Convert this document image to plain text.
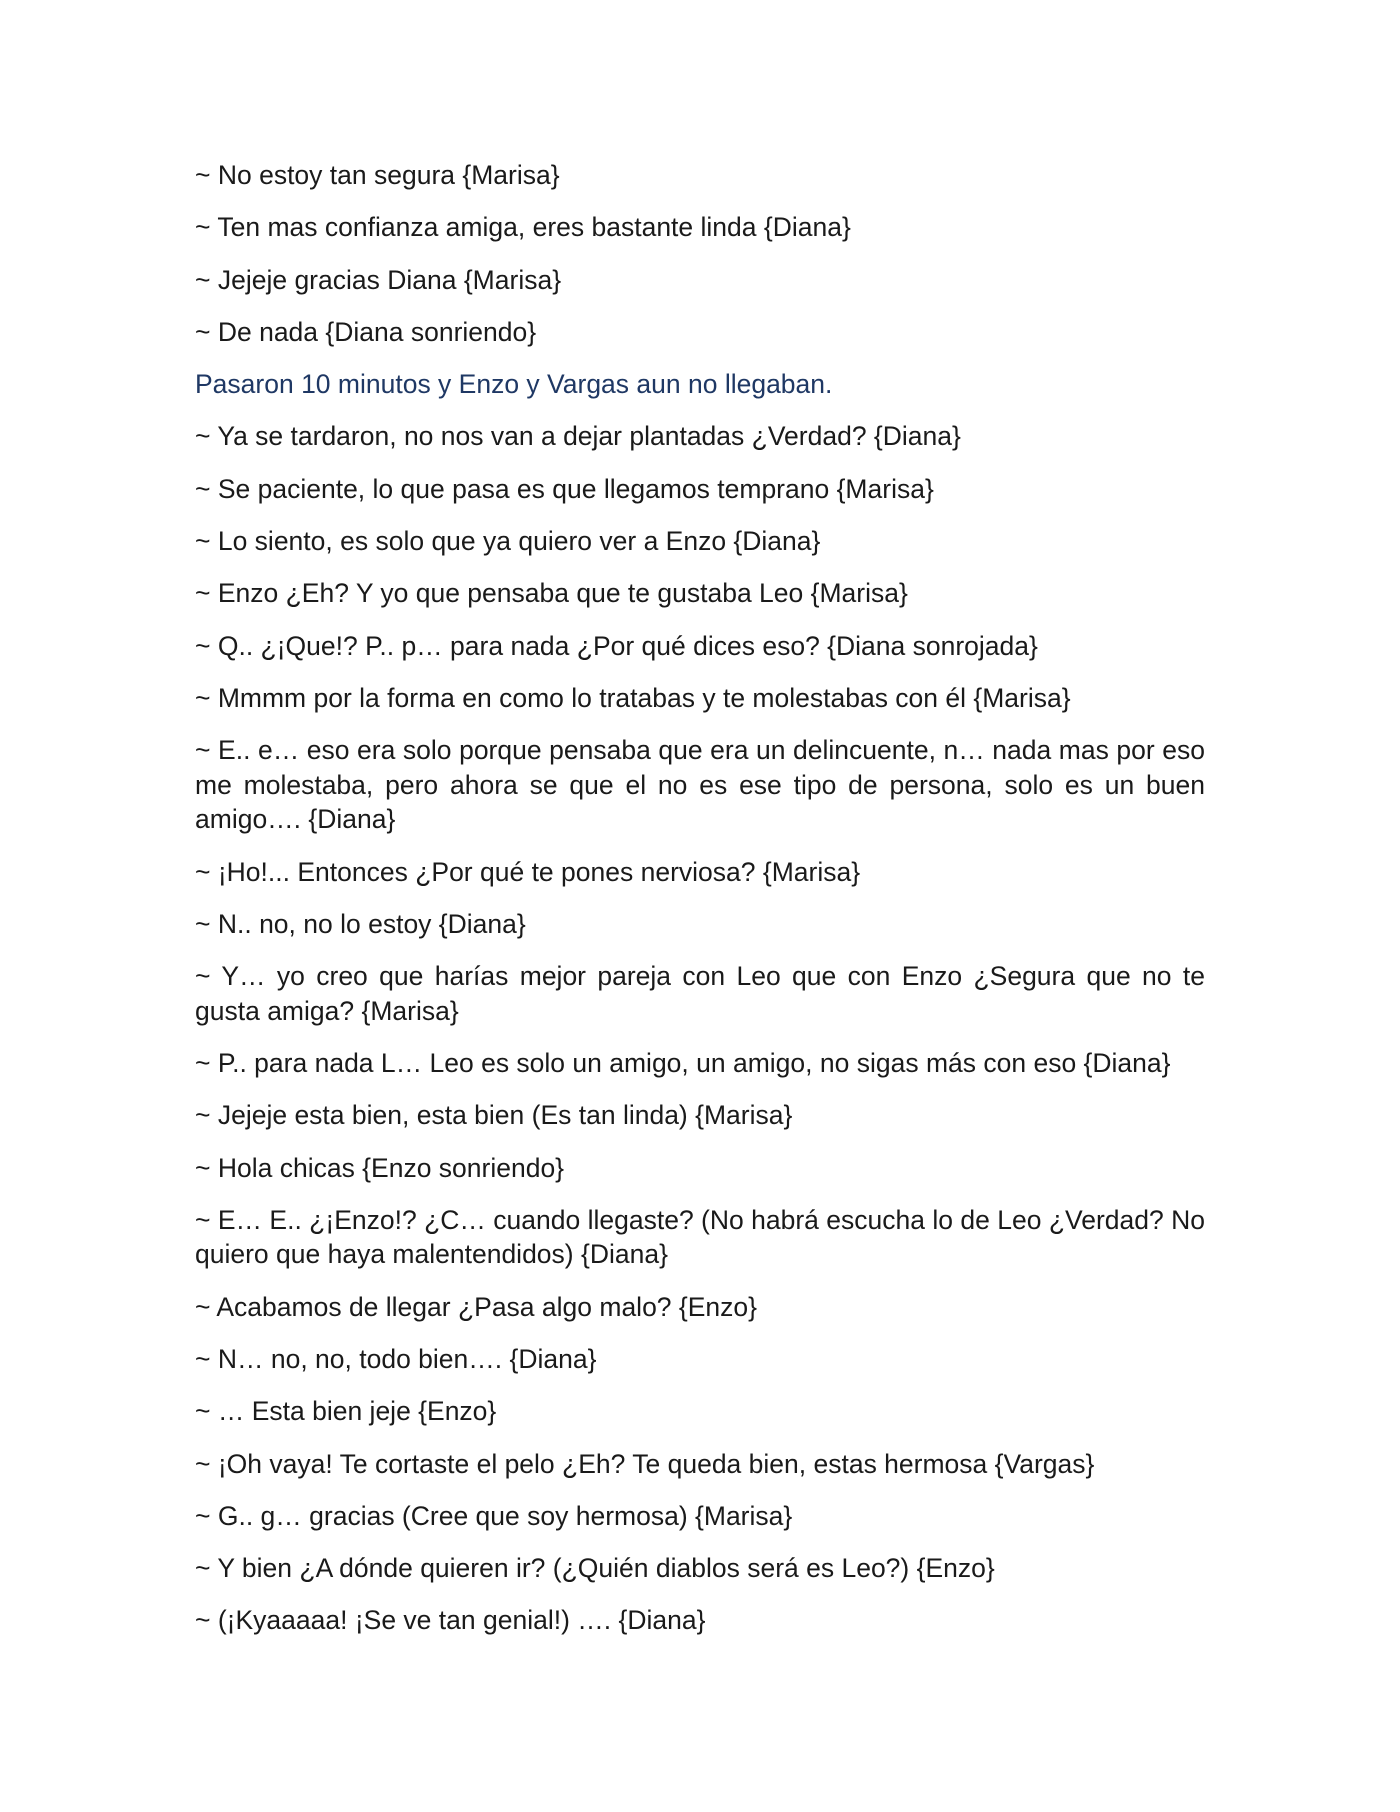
~ No estoy tan segura {Marisa}

~ Ten mas confianza amiga, eres bastante linda {Diana}

~ Jejeje gracias Diana {Marisa}

~ De nada {Diana sonriendo}

Pasaron 10 minutos y Enzo y Vargas aun no llegaban.

~ Ya se tardaron, no nos van a dejar plantadas ¿Verdad? {Diana}

~ Se paciente, lo que pasa es que llegamos temprano {Marisa}

~ Lo siento, es solo que ya quiero ver a Enzo {Diana}

~ Enzo ¿Eh? Y yo que pensaba que te gustaba Leo {Marisa}

~ Q.. ¿¡Que!? P.. p… para nada ¿Por qué dices eso? {Diana sonrojada}

~ Mmmm por la forma en como lo tratabas y te molestabas con él {Marisa}

~ E.. e… eso era solo porque pensaba que era un delincuente, n… nada mas por eso me molestaba, pero ahora se que el no es ese tipo de persona, solo es un buen amigo…. {Diana}

~ ¡Ho!... Entonces ¿Por qué te pones nerviosa? {Marisa}

~ N.. no, no lo estoy {Diana}

~ Y… yo creo que harías mejor pareja con Leo que con Enzo ¿Segura que no te gusta amiga? {Marisa}

~ P.. para nada L… Leo es solo un amigo, un amigo, no sigas más con eso {Diana}

~ Jejeje esta bien, esta bien (Es tan linda) {Marisa}

~ Hola chicas {Enzo sonriendo}

~ E… E.. ¿¡Enzo!? ¿C… cuando llegaste? (No habrá escucha lo de Leo ¿Verdad? No quiero que haya malentendidos) {Diana}

~ Acabamos de llegar ¿Pasa algo malo? {Enzo}

~ N… no, no, todo bien…. {Diana}

~ … Esta bien jeje {Enzo}

~ ¡Oh vaya! Te cortaste el pelo ¿Eh? Te queda bien, estas hermosa {Vargas}

~ G.. g… gracias (Cree que soy hermosa) {Marisa}

~ Y bien ¿A dónde quieren ir? (¿Quién diablos será es Leo?) {Enzo}

~ (¡Kyaaaaa! ¡Se ve tan genial!) …. {Diana}
